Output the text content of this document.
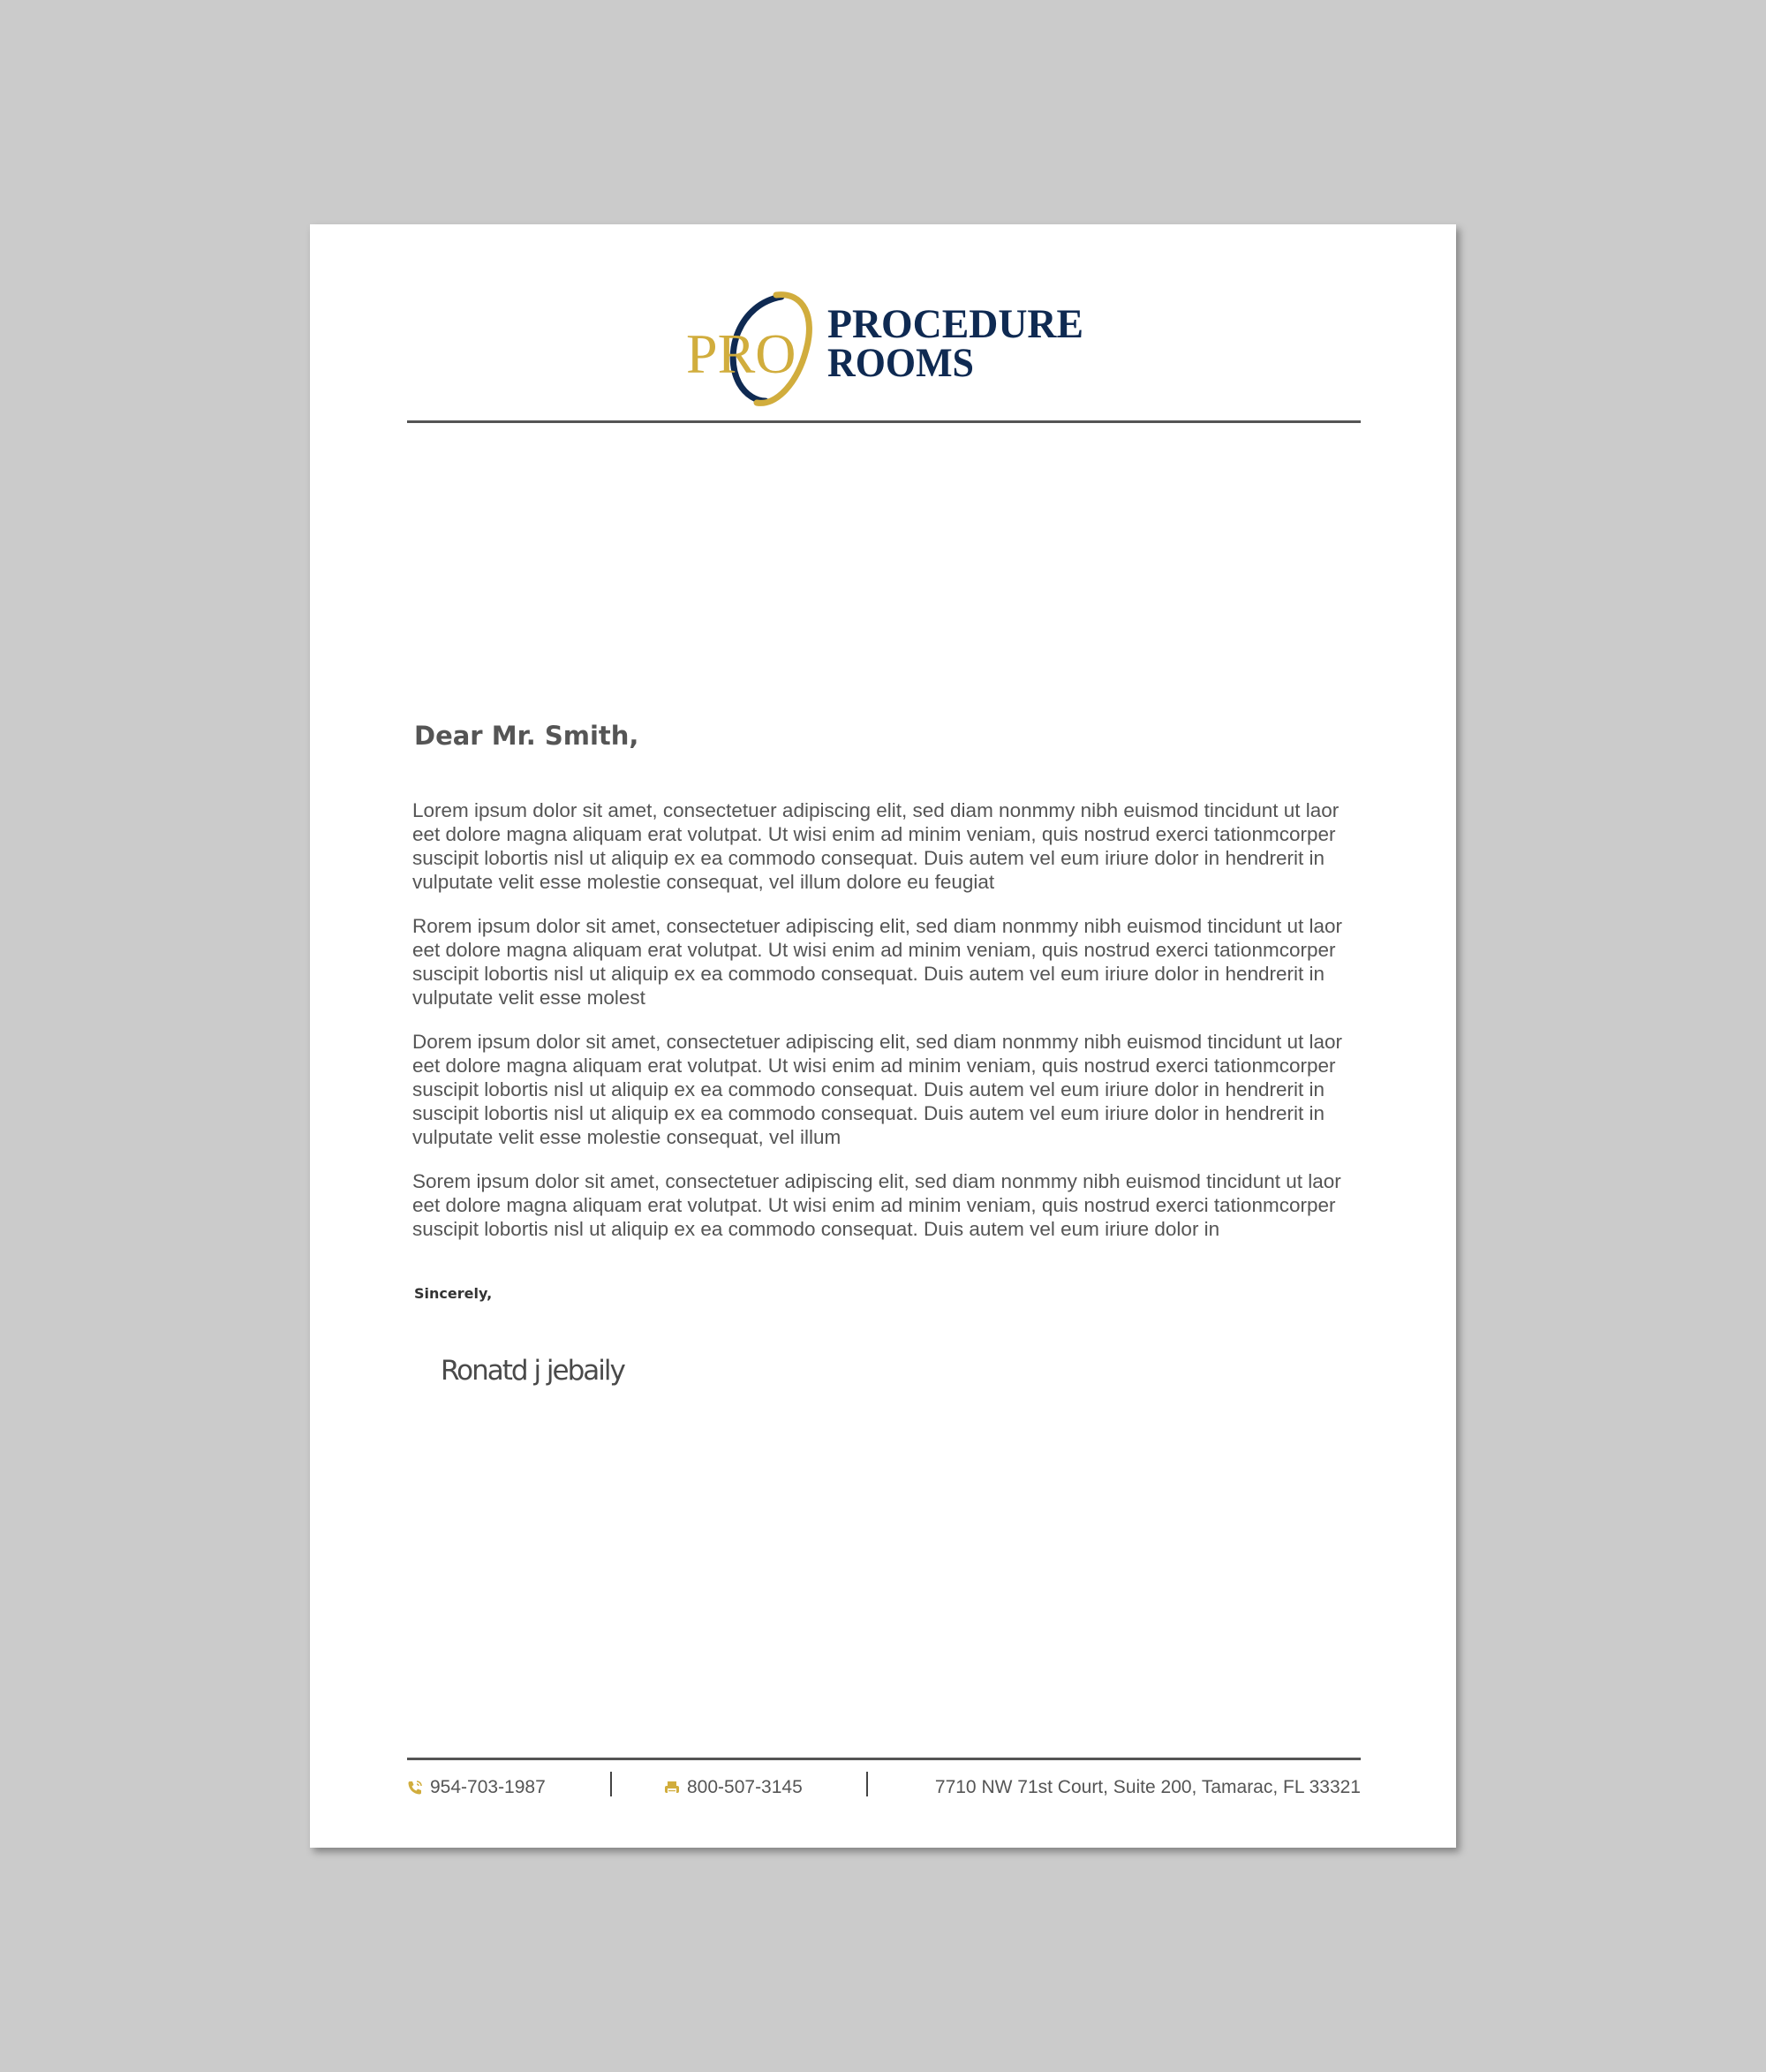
PRO PROCEDURE
ROOMS
Dear Mr. Smith,

Lorem ipsum dolor sit amet, consectetuer adipiscing elit, sed diam nonmmy nibh euismod tincidunt ut laor eet dolore magna aliquam erat volutpat. Ut wisi enim ad minim veniam, quis nostrud exerci tationmcorper suscipit lobortis nisl ut aliquip ex ea commodo consequat. Duis autem vel eum iriure dolor in hendrerit in vulputate velit esse molestie consequat, vel illum dolore eu feugiat

Rorem ipsum dolor sit amet, consectetuer adipiscing elit, sed diam nonmmy nibh euismod tincidunt ut laor eet dolore magna aliquam erat volutpat. Ut wisi enim ad minim veniam, quis nostrud exerci tationmcorper suscipit lobortis nisl ut aliquip ex ea commodo consequat. Duis autem vel eum iriure dolor in hendrerit in vulputate velit esse molest

Dorem ipsum dolor sit amet, consectetuer adipiscing elit, sed diam nonmmy nibh euismod tincidunt ut laor eet dolore magna aliquam erat volutpat. Ut wisi enim ad minim veniam, quis nostrud exerci tationmcorper suscipit lobortis nisl ut aliquip ex ea commodo consequat. Duis autem vel eum iriure dolor in hendrerit in suscipit lobortis nisl ut aliquip ex ea commodo consequat. Duis autem vel eum iriure dolor in hendrerit in vulputate velit esse molestie consequat, vel illum

Sorem ipsum dolor sit amet, consectetuer adipiscing elit, sed diam nonmmy nibh euismod tincidunt ut laor eet dolore magna aliquam erat volutpat. Ut wisi enim ad minim veniam, quis nostrud exerci tationmcorper suscipit lobortis nisl ut aliquip ex ea commodo consequat. Duis autem vel eum iriure dolor in

Sincerely,
Ronatd j jebaily
954-703-1987	800-507-3145	7710 NW 71st Court, Suite 200, Tamarac, FL 33321
